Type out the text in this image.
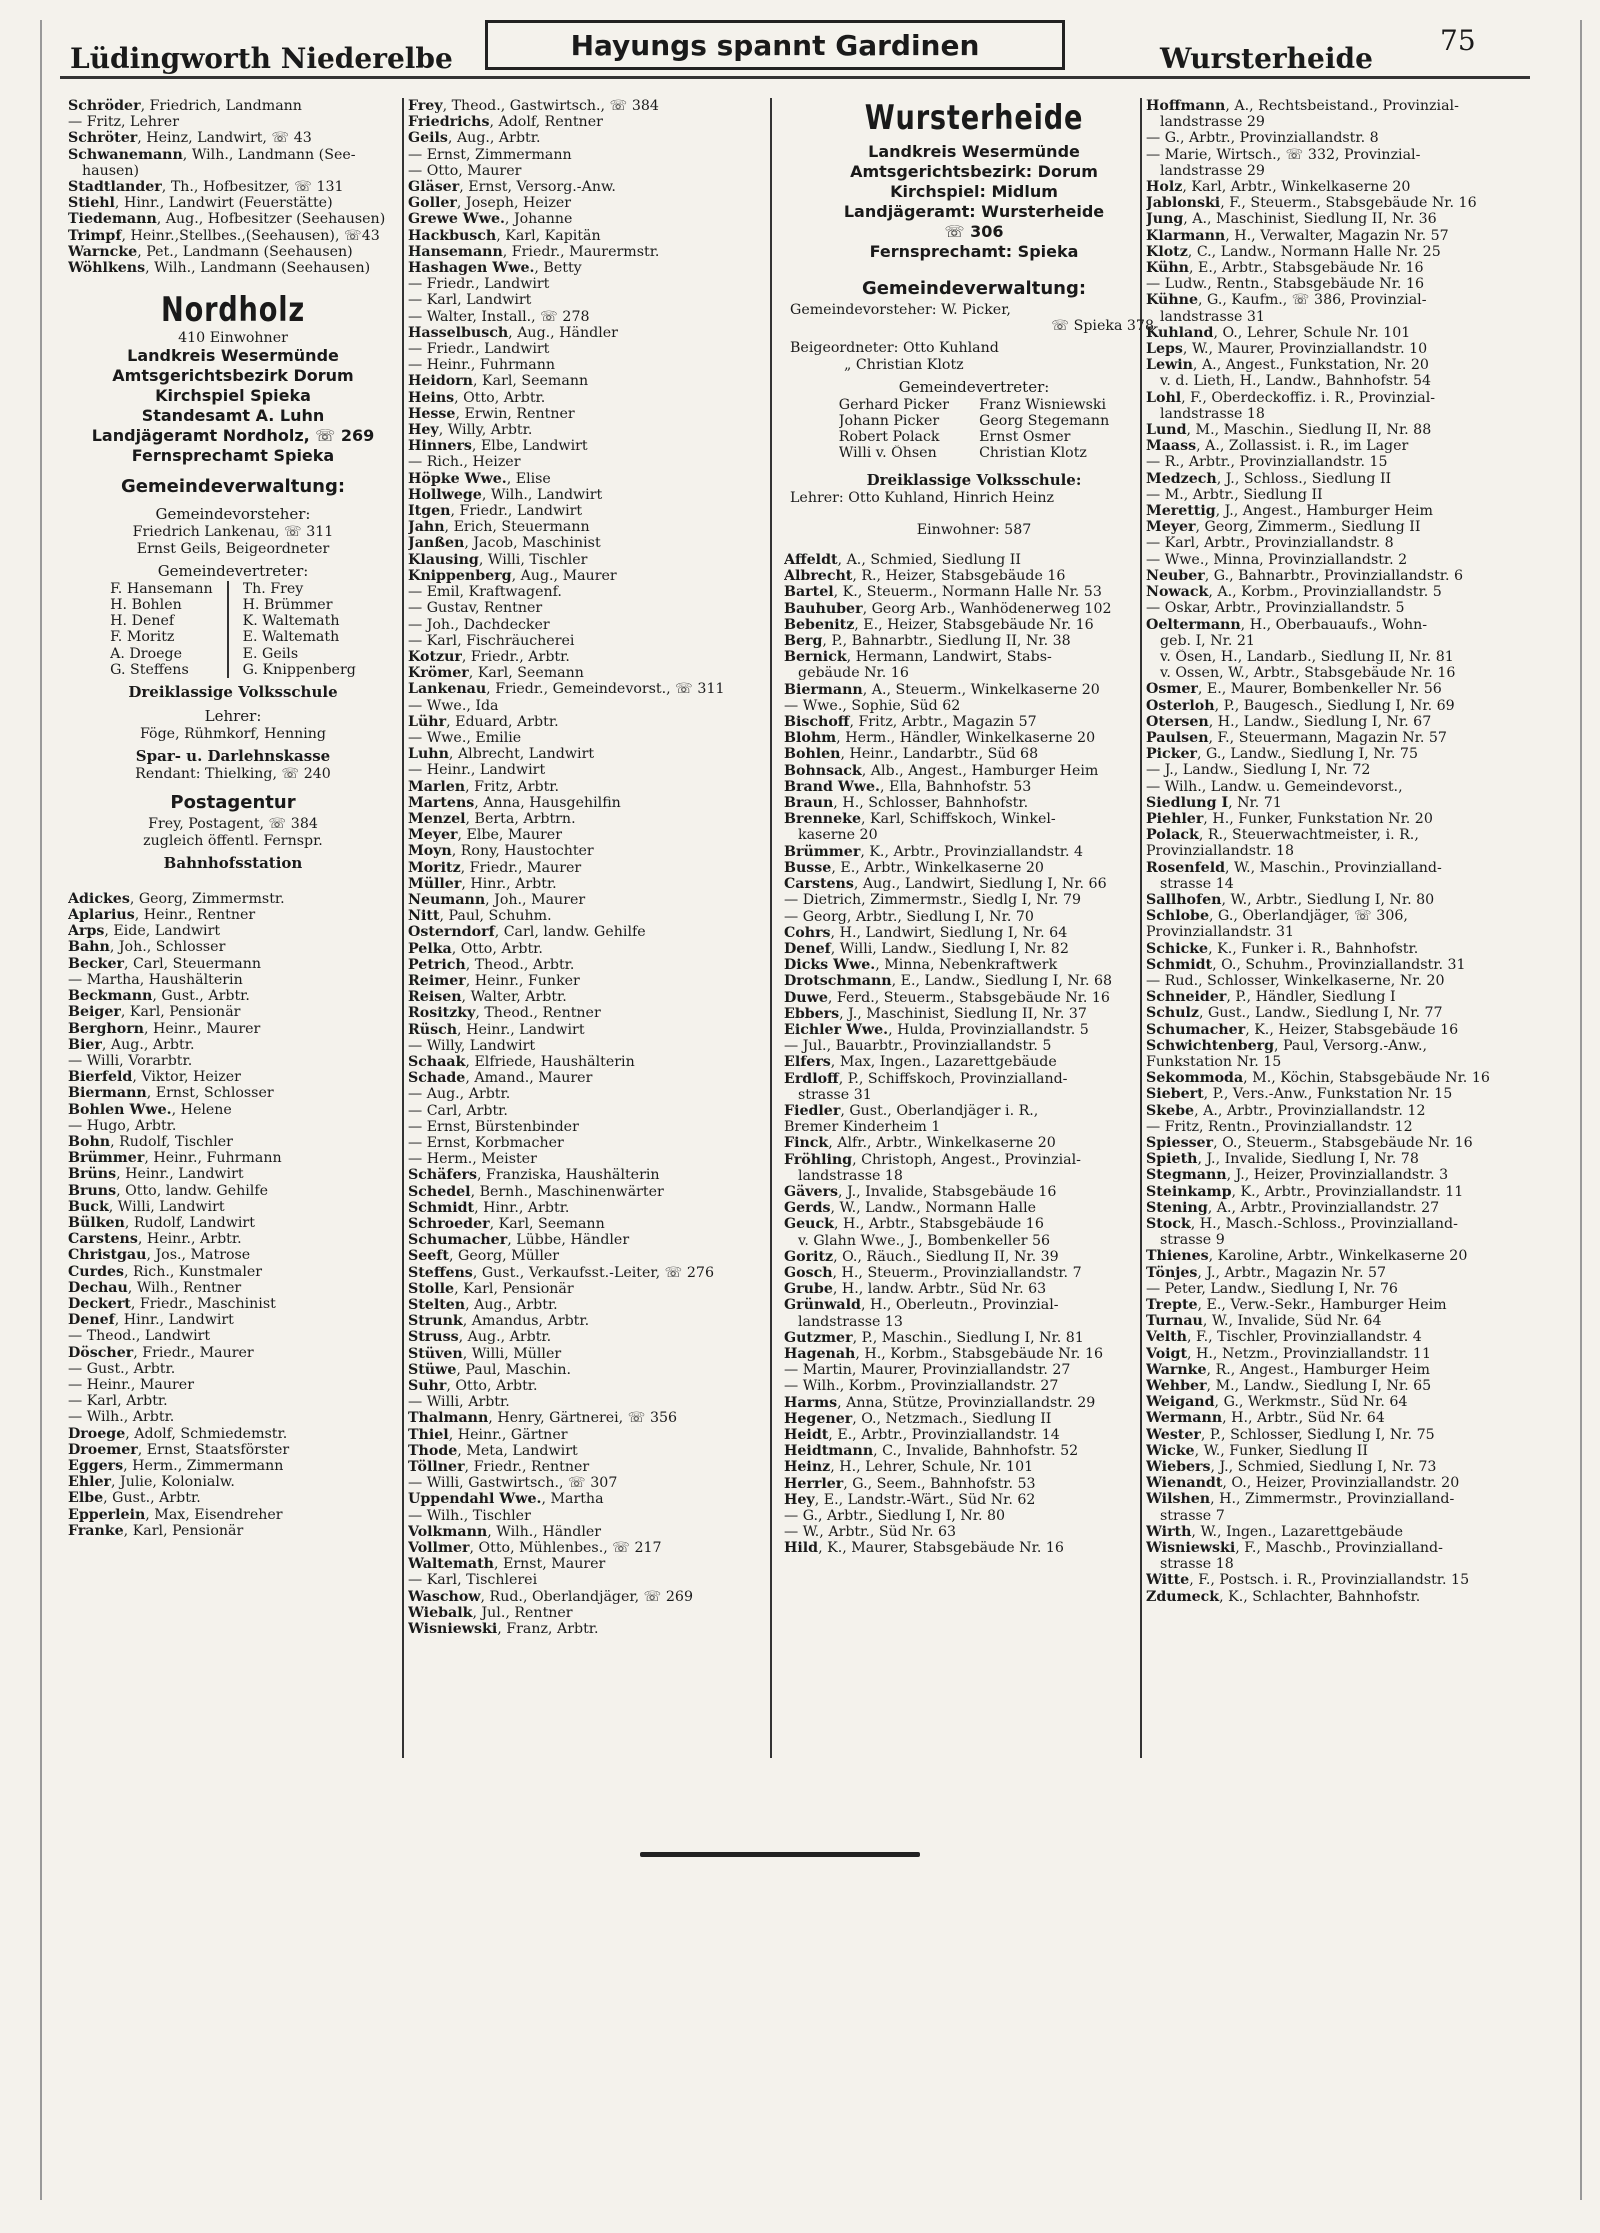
Lüdingworth Niederelbe	Hayungs spannt Gardinen	Wursterheide
75
Schröder, Friedrich, Landmann
— Fritz, Lehrer
Schröter, Heinz, Landwirt, ☏ 43
Schwanemann, Wilh., Landmann (See-
hausen)
Stadtlander, Th., Hofbesitzer, ☏ 131
Stiehl, Hinr., Landwirt (Feuerstätte)
Tiedemann, Aug., Hofbesitzer (Seehausen)
Trimpf, Heinr.,Stellbes.,(Seehausen), ☏43
Warncke, Pet., Landmann (Seehausen)
Wöhlkens, Wilh., Landmann (Seehausen)
Nordholz
410 Einwohner
Landkreis Wesermünde
Amtsgerichtsbezirk Dorum
Kirchspiel Spieka
Standesamt A. Luhn
Landjägeramt Nordholz, ☏ 269
Fernsprechamt Spieka
Gemeindeverwaltung:
Gemeindevorsteher:
Friedrich Lankenau, ☏ 311
Ernst Geils, Beigeordneter
Gemeindevertreter:
F. Hansemann
H. Bohlen
H. Denef
F. Moritz
A. Droege
G. Steffens
Th. Frey
H. Brümmer
K. Waltemath
E. Waltemath
E. Geils
G. Knippenberg
Dreiklassige Volksschule
Lehrer:
Föge, Rühmkorf, Henning
Spar- u. Darlehnskasse
Rendant: Thielking, ☏ 240
Postagentur
Frey, Postagent, ☏ 384
zugleich öffentl. Fernspr.
Bahnhofsstation
Adickes, Georg, Zimmermstr.
Aplarius, Heinr., Rentner
Arps, Eide, Landwirt
Bahn, Joh., Schlosser
Becker, Carl, Steuermann
— Martha, Haushälterin
Beckmann, Gust., Arbtr.
Beiger, Karl, Pensionär
Berghorn, Heinr., Maurer
Bier, Aug., Arbtr.
— Willi, Vorarbtr.
Bierfeld, Viktor, Heizer
Biermann, Ernst, Schlosser
Bohlen Wwe., Helene
— Hugo, Arbtr.
Bohn, Rudolf, Tischler
Brümmer, Heinr., Fuhrmann
Brüns, Heinr., Landwirt
Bruns, Otto, landw. Gehilfe
Buck, Willi, Landwirt
Bülken, Rudolf, Landwirt
Carstens, Heinr., Arbtr.
Christgau, Jos., Matrose
Curdes, Rich., Kunstmaler
Dechau, Wilh., Rentner
Deckert, Friedr., Maschinist
Denef, Hinr., Landwirt
— Theod., Landwirt
Döscher, Friedr., Maurer
— Gust., Arbtr.
— Heinr., Maurer
— Karl, Arbtr.
— Wilh., Arbtr.
Droege, Adolf, Schmiedemstr.
Droemer, Ernst, Staatsförster
Eggers, Herm., Zimmermann
Ehler, Julie, Kolonialw.
Elbe, Gust., Arbtr.
Epperlein, Max, Eisendreher
Franke, Karl, Pensionär
Frey, Theod., Gastwirtsch., ☏ 384
Friedrichs, Adolf, Rentner
Geils, Aug., Arbtr.
— Ernst, Zimmermann
— Otto, Maurer
Gläser, Ernst, Versorg.-Anw.
Goller, Joseph, Heizer
Grewe Wwe., Johanne
Hackbusch, Karl, Kapitän
Hansemann, Friedr., Maurermstr.
Hashagen Wwe., Betty
— Friedr., Landwirt
— Karl, Landwirt
— Walter, Install., ☏ 278
Hasselbusch, Aug., Händler
— Friedr., Landwirt
— Heinr., Fuhrmann
Heidorn, Karl, Seemann
Heins, Otto, Arbtr.
Hesse, Erwin, Rentner
Hey, Willy, Arbtr.
Hinners, Elbe, Landwirt
— Rich., Heizer
Höpke Wwe., Elise
Hollwege, Wilh., Landwirt
Itgen, Friedr., Landwirt
Jahn, Erich, Steuermann
Janßen, Jacob, Maschinist
Klausing, Willi, Tischler
Knippenberg, Aug., Maurer
— Emil, Kraftwagenf.
— Gustav, Rentner
— Joh., Dachdecker
— Karl, Fischräucherei
Kotzur, Friedr., Arbtr.
Krömer, Karl, Seemann
Lankenau, Friedr., Gemeindevorst., ☏ 311
— Wwe., Ida
Lühr, Eduard, Arbtr.
— Wwe., Emilie
Luhn, Albrecht, Landwirt
— Heinr., Landwirt
Marlen, Fritz, Arbtr.
Martens, Anna, Hausgehilfin
Menzel, Berta, Arbtrn.
Meyer, Elbe, Maurer
Moyn, Rony, Haustochter
Moritz, Friedr., Maurer
Müller, Hinr., Arbtr.
Neumann, Joh., Maurer
Nitt, Paul, Schuhm.
Osterndorf, Carl, landw. Gehilfe
Pelka, Otto, Arbtr.
Petrich, Theod., Arbtr.
Reimer, Heinr., Funker
Reisen, Walter, Arbtr.
Rositzky, Theod., Rentner
Rüsch, Heinr., Landwirt
— Willy, Landwirt
Schaak, Elfriede, Haushälterin
Schade, Amand., Maurer
— Aug., Arbtr.
— Carl, Arbtr.
— Ernst, Bürstenbinder
— Ernst, Korbmacher
— Herm., Meister
Schäfers, Franziska, Haushälterin
Schedel, Bernh., Maschinenwärter
Schmidt, Hinr., Arbtr.
Schroeder, Karl, Seemann
Schumacher, Lübbe, Händler
Seeft, Georg, Müller
Steffens, Gust., Verkaufsst.-Leiter, ☏ 276
Stolle, Karl, Pensionär
Stelten, Aug., Arbtr.
Strunk, Amandus, Arbtr.
Struss, Aug., Arbtr.
Stüven, Willi, Müller
Stüwe, Paul, Maschin.
Suhr, Otto, Arbtr.
— Willi, Arbtr.
Thalmann, Henry, Gärtnerei, ☏ 356
Thiel, Heinr., Gärtner
Thode, Meta, Landwirt
Töllner, Friedr., Rentner
— Willi, Gastwirtsch., ☏ 307
Uppendahl Wwe., Martha
— Wilh., Tischler
Volkmann, Wilh., Händler
Vollmer, Otto, Mühlenbes., ☏ 217
Waltemath, Ernst, Maurer
— Karl, Tischlerei
Waschow, Rud., Oberlandjäger, ☏ 269
Wiebalk, Jul., Rentner
Wisniewski, Franz, Arbtr.
Wursterheide
Landkreis Wesermünde
Amtsgerichtsbezirk: Dorum
Kirchspiel: Midlum
Landjägeramt: Wursterheide
☏ 306
Fernsprechamt: Spieka
Gemeindeverwaltung:
Gemeindevorsteher: W. Picker,
☏ Spieka 378
Beigeordneter: Otto Kuhland
„ Christian Klotz
Gemeindevertreter:
Gerhard Picker
Johann Picker
Robert Polack
Willi v. Öhsen
Franz Wisniewski
Georg Stegemann
Ernst Osmer
Christian Klotz
Dreiklassige Volksschule:
Lehrer: Otto Kuhland, Hinrich Heinz
Einwohner: 587
Affeldt, A., Schmied, Siedlung II
Albrecht, R., Heizer, Stabsgebäude 16
Bartel, K., Steuerm., Normann Halle Nr. 53
Bauhuber, Georg Arb., Wanhödenerweg 102
Bebenitz, E., Heizer, Stabsgebäude Nr. 16
Berg, P., Bahnarbtr., Siedlung II, Nr. 38
Bernick, Hermann, Landwirt, Stabs-
gebäude Nr. 16
Biermann, A., Steuerm., Winkelkaserne 20
— Wwe., Sophie, Süd 62
Bischoff, Fritz, Arbtr., Magazin 57
Blohm, Herm., Händler, Winkelkaserne 20
Bohlen, Heinr., Landarbtr., Süd 68
Bohnsack, Alb., Angest., Hamburger Heim
Brand Wwe., Ella, Bahnhofstr. 53
Braun, H., Schlosser, Bahnhofstr.
Brenneke, Karl, Schiffskoch, Winkel-
kaserne 20
Brümmer, K., Arbtr., Provinziallandstr. 4
Busse, E., Arbtr., Winkelkaserne 20
Carstens, Aug., Landwirt, Siedlung I, Nr. 66
— Dietrich, Zimmermstr., Siedlg I, Nr. 79
— Georg, Arbtr., Siedlung I, Nr. 70
Cohrs, H., Landwirt, Siedlung I, Nr. 64
Denef, Willi, Landw., Siedlung I, Nr. 82
Dicks Wwe., Minna, Nebenkraftwerk
Drotschmann, E., Landw., Siedlung I, Nr. 68
Duwe, Ferd., Steuerm., Stabsgebäude Nr. 16
Ebbers, J., Maschinist, Siedlung II, Nr. 37
Eichler Wwe., Hulda, Provinziallandstr. 5
— Jul., Bauarbtr., Provinziallandstr. 5
Elfers, Max, Ingen., Lazarettgebäude
Erdloff, P., Schiffskoch, Provinzialland-
strasse 31
Fiedler, Gust., Oberlandjäger i. R.,
Bremer Kinderheim 1
Finck, Alfr., Arbtr., Winkelkaserne 20
Fröhling, Christoph, Angest., Provinzial-
landstrasse 18
Gävers, J., Invalide, Stabsgebäude 16
Gerds, W., Landw., Normann Halle
Geuck, H., Arbtr., Stabsgebäude 16
v. Glahn Wwe., J., Bombenkeller 56
Goritz, O., Räuch., Siedlung II, Nr. 39
Gosch, H., Steuerm., Provinziallandstr. 7
Grube, H., landw. Arbtr., Süd Nr. 63
Grünwald, H., Oberleutn., Provinzial-
landstrasse 13
Gutzmer, P., Maschin., Siedlung I, Nr. 81
Hagenah, H., Korbm., Stabsgebäude Nr. 16
— Martin, Maurer, Provinziallandstr. 27
— Wilh., Korbm., Provinziallandstr. 27
Harms, Anna, Stütze, Provinziallandstr. 29
Hegener, O., Netzmach., Siedlung II
Heidt, E., Arbtr., Provinziallandstr. 14
Heidtmann, C., Invalide, Bahnhofstr. 52
Heinz, H., Lehrer, Schule, Nr. 101
Herrler, G., Seem., Bahnhofstr. 53
Hey, E., Landstr.-Wärt., Süd Nr. 62
— G., Arbtr., Siedlung I, Nr. 80
— W., Arbtr., Süd Nr. 63
Hild, K., Maurer, Stabsgebäude Nr. 16
Hoffmann, A., Rechtsbeistand., Provinzial-
landstrasse 29
— G., Arbtr., Provinziallandstr. 8
— Marie, Wirtsch., ☏ 332, Provinzial-
landstrasse 29
Holz, Karl, Arbtr., Winkelkaserne 20
Jablonski, F., Steuerm., Stabsgebäude Nr. 16
Jung, A., Maschinist, Siedlung II, Nr. 36
Klarmann, H., Verwalter, Magazin Nr. 57
Klotz, C., Landw., Normann Halle Nr. 25
Kühn, E., Arbtr., Stabsgebäude Nr. 16
— Ludw., Rentn., Stabsgebäude Nr. 16
Kühne, G., Kaufm., ☏ 386, Provinzial-
landstrasse 31
Kuhland, O., Lehrer, Schule Nr. 101
Leps, W., Maurer, Provinziallandstr. 10
Lewin, A., Angest., Funkstation, Nr. 20
v. d. Lieth, H., Landw., Bahnhofstr. 54
Lohl, F., Oberdeckoffiz. i. R., Provinzial-
landstrasse 18
Lund, M., Maschin., Siedlung II, Nr. 88
Maass, A., Zollassist. i. R., im Lager
— R., Arbtr., Provinziallandstr. 15
Medzech, J., Schloss., Siedlung II
— M., Arbtr., Siedlung II
Merettig, J., Angest., Hamburger Heim
Meyer, Georg, Zimmerm., Siedlung II
— Karl, Arbtr., Provinziallandstr. 8
— Wwe., Minna, Provinziallandstr. 2
Neuber, G., Bahnarbtr., Provinziallandstr. 6
Nowack, A., Korbm., Provinziallandstr. 5
— Oskar, Arbtr., Provinziallandstr. 5
Oeltermann, H., Oberbauaufs., Wohn-
geb. I, Nr. 21
v. Ösen, H., Landarb., Siedlung II, Nr. 81
v. Ossen, W., Arbtr., Stabsgebäude Nr. 16
Osmer, E., Maurer, Bombenkeller Nr. 56
Osterloh, P., Baugesch., Siedlung I, Nr. 69
Otersen, H., Landw., Siedlung I, Nr. 67
Paulsen, F., Steuermann, Magazin Nr. 57
Picker, G., Landw., Siedlung I, Nr. 75
— J., Landw., Siedlung I, Nr. 72
— Wilh., Landw. u. Gemeindevorst.,
Siedlung I, Nr. 71
Piehler, H., Funker, Funkstation Nr. 20
Polack, R., Steuerwachtmeister, i. R.,
Provinziallandstr. 18
Rosenfeld, W., Maschin., Provinzialland-
strasse 14
Sallhofen, W., Arbtr., Siedlung I, Nr. 80
Schlobe, G., Oberlandjäger, ☏ 306,
Provinziallandstr. 31
Schicke, K., Funker i. R., Bahnhofstr.
Schmidt, O., Schuhm., Provinziallandstr. 31
— Rud., Schlosser, Winkelkaserne, Nr. 20
Schneider, P., Händler, Siedlung I
Schulz, Gust., Landw., Siedlung I, Nr. 77
Schumacher, K., Heizer, Stabsgebäude 16
Schwichtenberg, Paul, Versorg.-Anw.,
Funkstation Nr. 15
Sekommoda, M., Köchin, Stabsgebäude Nr. 16
Siebert, P., Vers.-Anw., Funkstation Nr. 15
Skebe, A., Arbtr., Provinziallandstr. 12
— Fritz, Rentn., Provinziallandstr. 12
Spiesser, O., Steuerm., Stabsgebäude Nr. 16
Spieth, J., Invalide, Siedlung I, Nr. 78
Stegmann, J., Heizer, Provinziallandstr. 3
Steinkamp, K., Arbtr., Provinziallandstr. 11
Stening, A., Arbtr., Provinziallandstr. 27
Stock, H., Masch.-Schloss., Provinzialland-
strasse 9
Thienes, Karoline, Arbtr., Winkelkaserne 20
Tönjes, J., Arbtr., Magazin Nr. 57
— Peter, Landw., Siedlung I, Nr. 76
Trepte, E., Verw.-Sekr., Hamburger Heim
Turnau, W., Invalide, Süd Nr. 64
Velth, F., Tischler, Provinziallandstr. 4
Voigt, H., Netzm., Provinziallandstr. 11
Warnke, R., Angest., Hamburger Heim
Wehber, M., Landw., Siedlung I, Nr. 65
Weigand, G., Werkmstr., Süd Nr. 64
Wermann, H., Arbtr., Süd Nr. 64
Wester, P., Schlosser, Siedlung I, Nr. 75
Wicke, W., Funker, Siedlung II
Wiebers, J., Schmied, Siedlung I, Nr. 73
Wienandt, O., Heizer, Provinziallandstr. 20
Wilshen, H., Zimmermstr., Provinzialland-
strasse 7
Wirth, W., Ingen., Lazarettgebäude
Wisniewski, F., Maschb., Provinzialland-
strasse 18
Witte, F., Postsch. i. R., Provinziallandstr. 15
Zdumeck, K., Schlachter, Bahnhofstr.
